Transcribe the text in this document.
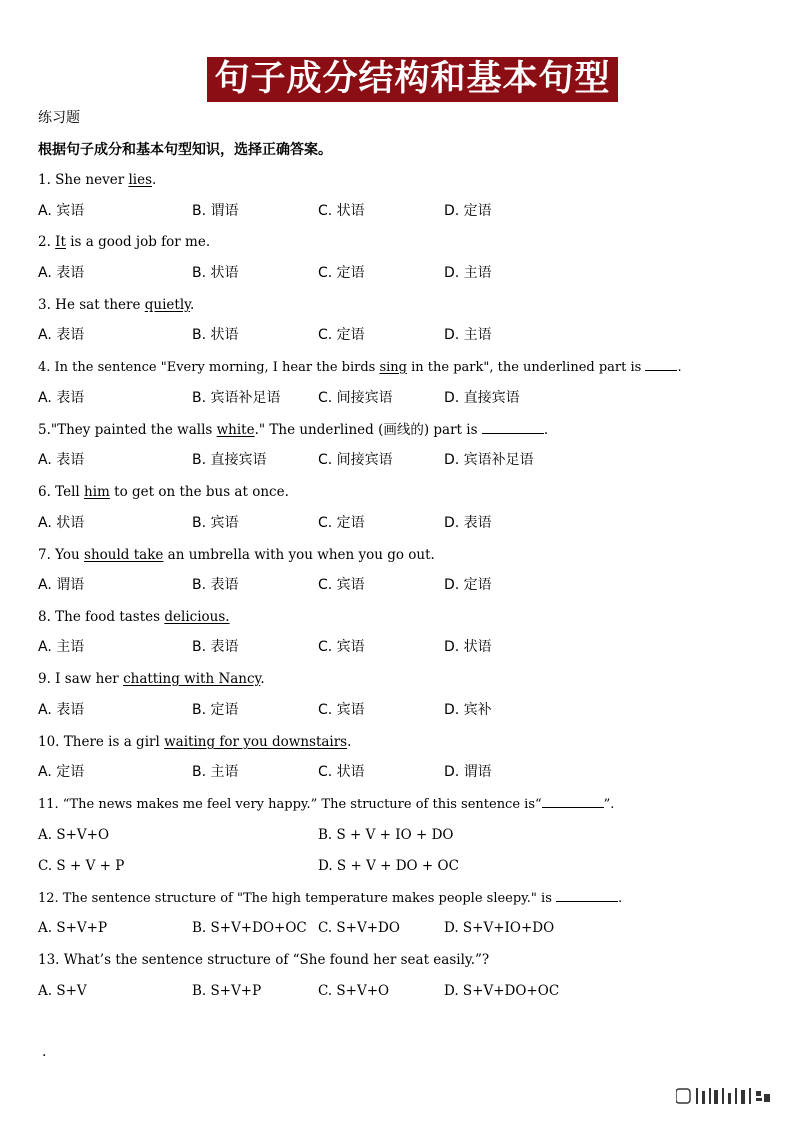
句子成分结构和基本句型
练习题
根据句子成分和基本句型知识，选择正确答案。
1. She never lies.
A. 宾语	B. 谓语	C. 状语	D. 定语
2. It is a good job for me.
A. 表语	B. 状语	C. 定语	D. 主语
3. He sat there quietly.
A. 表语	B. 状语	C. 定语	D. 主语
4. In the sentence "Every morning, I hear the birds sing in the park", the underlined part is .
A. 表语	B. 宾语补足语	C. 间接宾语	D. 直接宾语
5."They painted the walls white." The underlined (画线的) part is	.
A. 表语	B. 直接宾语	C. 间接宾语	D. 宾语补足语
6. Tell him to get on the bus at once.
A. 状语	B. 宾语	C. 定语	D. 表语
7. You should take an umbrella with you when you go out.
A. 谓语	B. 表语	C. 宾语	D. 定语
8. The food tastes delicious.
A. 主语	B. 表语	C. 宾语	D. 状语
9. I saw her chatting with Nancy.
A. 表语	B. 定语	C. 宾语	D. 宾补
10. There is a girl waiting for you downstairs.
A. 定语	B. 主语	C. 状语	D. 谓语
11. “The news makes me feel very happy.” The structure of this sentence is“	”.
A. S+V+O	B. S + V + IO + DO
C. S + V + P	D. S + V + DO + OC
12. The sentence structure of "The high temperature makes people sleepy." is	.
A. S+V+P	B. S+V+DO+OC C. S+V+DO	D. S+V+IO+DO
13. What’s the sentence structure of “She found her seat easily.”?
A. S+V	B. S+V+P	C. S+V+O	D. S+V+DO+OC
.
